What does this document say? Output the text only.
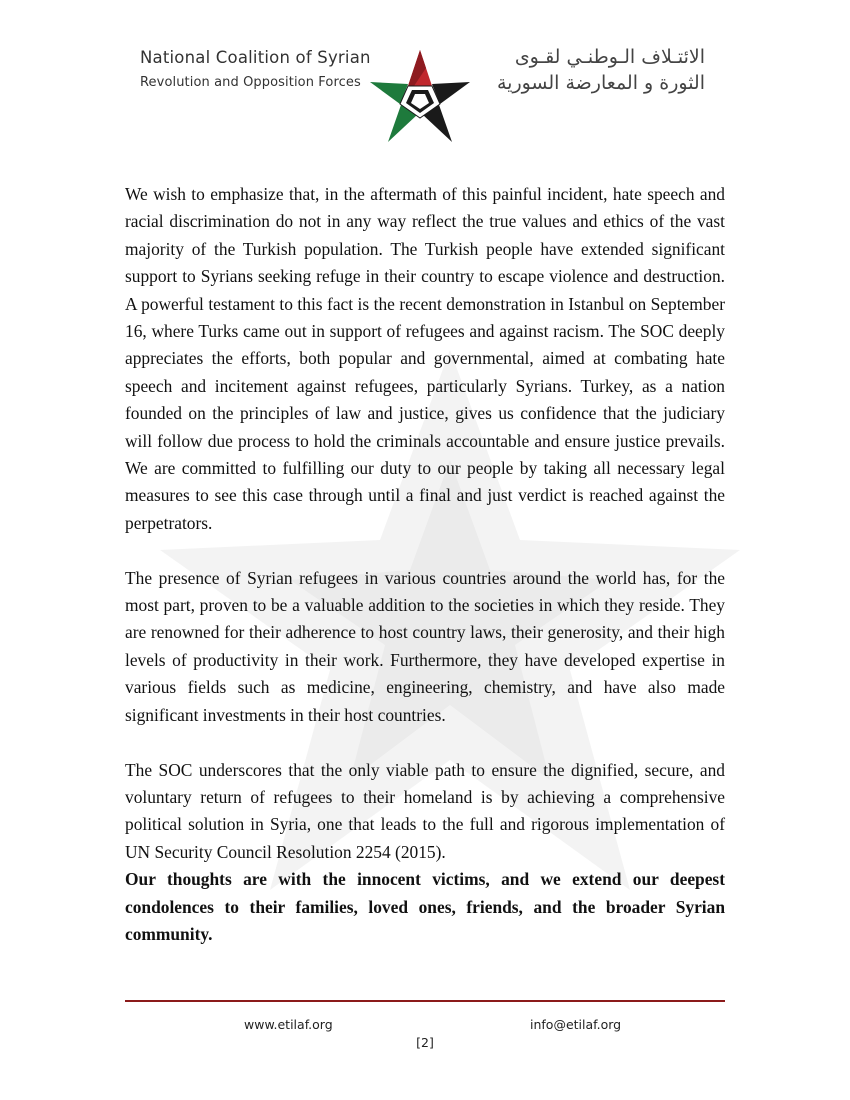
National Coalition of Syrian
Revolution and Opposition Forces
الائتـلاف الـوطنـي لقـوى
الثورة و المعارضة السورية

We wish to emphasize that, in the aftermath of this painful incident, hate speech and racial discrimination do not in any way reflect the true values and ethics of the vast majority of the Turkish population. The Turkish people have extended significant support to Syrians seeking refuge in their country to escape violence and destruction. A powerful testament to this fact is the recent demonstration in Istanbul on September 16, where Turks came out in support of refugees and against racism. The SOC deeply appreciates the efforts, both popular and governmental, aimed at combating hate speech and incitement against refugees, particularly Syrians. Turkey, as a nation founded on the principles of law and justice, gives us confidence that the judiciary will follow due process to hold the criminals accountable and ensure justice prevails. We are committed to fulfilling our duty to our people by taking all necessary legal measures to see this case through until a final and just verdict is reached against the perpetrators.

The presence of Syrian refugees in various countries around the world has, for the most part, proven to be a valuable addition to the societies in which they reside. They are renowned for their adherence to host country laws, their generosity, and their high levels of productivity in their work. Furthermore, they have developed expertise in various fields such as medicine, engineering, chemistry, and have also made significant investments in their host countries.

The SOC underscores that the only viable path to ensure the dignified, secure, and voluntary return of refugees to their homeland is by achieving a comprehensive political solution in Syria, one that leads to the full and rigorous implementation of UN Security Council Resolution 2254 (2015).

Our thoughts are with the innocent victims, and we extend our deepest condolences to their families, loved ones, friends, and the broader Syrian community.

www.etilaf.org	info@etilaf.org
[2]
